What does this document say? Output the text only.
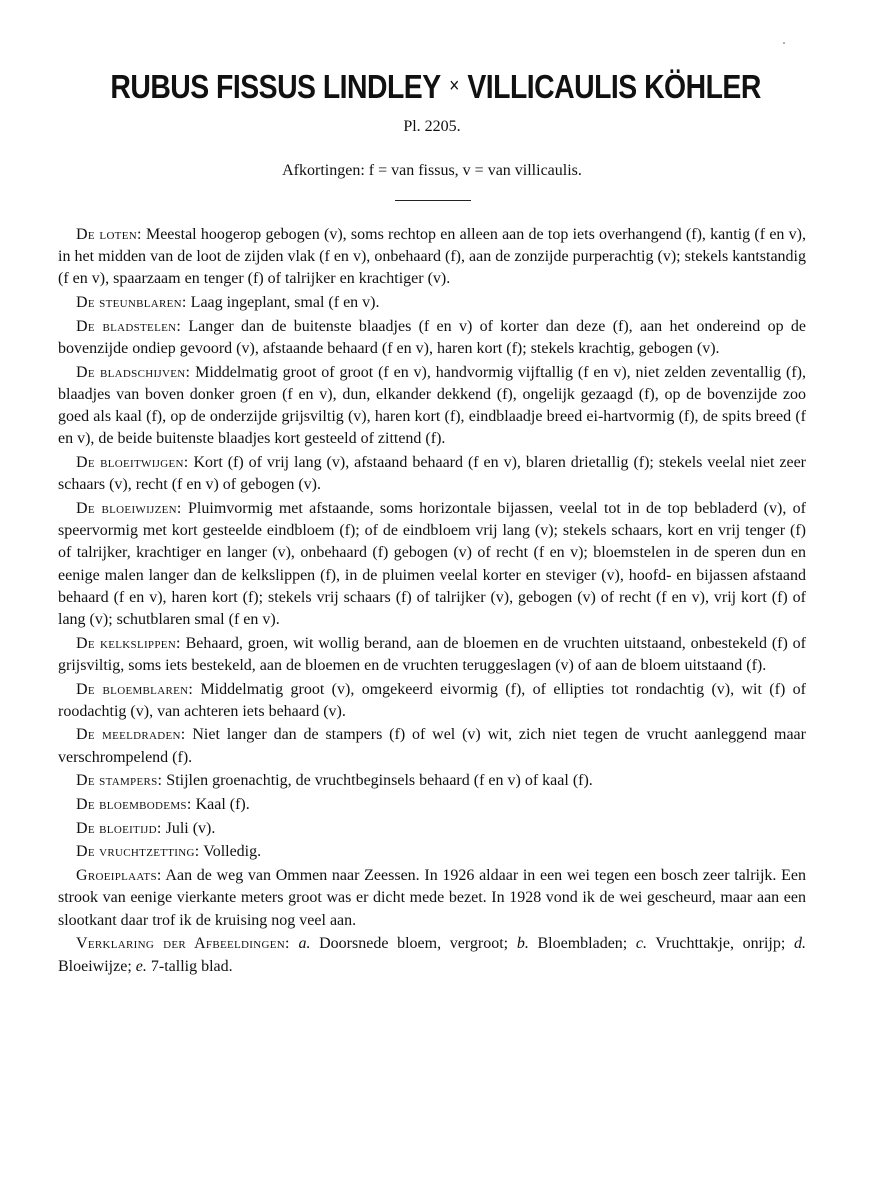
RUBUS FISSUS LINDLEY × VILLICAULIS KÖHLER
Pl. 2205.
Afkortingen: f = van fissus, v = van villicaulis.

De loten: Meestal hoogerop gebogen (v), soms rechtop en alleen aan de top iets overhangend (f), kantig (f en v), in het midden van de loot de zijden vlak (f en v), onbehaard (f), aan de zonzijde purperachtig (v); stekels kantstandig (f en v), spaarzaam en tenger (f) of talrijker en krachtiger (v).

De steunblaren: Laag ingeplant, smal (f en v).

De bladstelen: Langer dan de buitenste blaadjes (f en v) of korter dan deze (f), aan het ondereind op de bovenzijde ondiep gevoord (v), afstaande behaard (f en v), haren kort (f); stekels krachtig, gebogen (v).

De bladschijven: Middelmatig groot of groot (f en v), handvormig vijftallig (f en v), niet zelden zeventallig (f), blaadjes van boven donker groen (f en v), dun, elkander dekkend (f), ongelijk gezaagd (f), op de bovenzijde zoo goed als kaal (f), op de onderzijde grijsviltig (v), haren kort (f), eindblaadje breed ei-hartvormig (f), de spits breed (f en v), de beide buitenste blaadjes kort gesteeld of zittend (f).

De bloeitwijgen: Kort (f) of vrij lang (v), afstaand behaard (f en v), blaren drietallig (f); stekels veelal niet zeer schaars (v), recht (f en v) of gebogen (v).

De bloeiwijzen: Pluimvormig met afstaande, soms horizontale bijassen, veelal tot in de top bebladerd (v), of speervormig met kort gesteelde eindbloem (f); of de eindbloem vrij lang (v); stekels schaars, kort en vrij tenger (f) of talrijker, krachtiger en langer (v), onbehaard (f) gebogen (v) of recht (f en v); bloemstelen in de speren dun en eenige malen langer dan de kelkslippen (f), in de pluimen veelal korter en steviger (v), hoofd- en bijassen afstaand behaard (f en v), haren kort (f); stekels vrij schaars (f) of talrijker (v), gebogen (v) of recht (f en v), vrij kort (f) of lang (v); schutblaren smal (f en v).

De kelkslippen: Behaard, groen, wit wollig berand, aan de bloemen en de vruchten uitstaand, onbestekeld (f) of grijsviltig, soms iets bestekeld, aan de bloemen en de vruchten teruggeslagen (v) of aan de bloem uitstaand (f).

De bloemblaren: Middelmatig groot (v), omgekeerd eivormig (f), of ellipties tot rondachtig (v), wit (f) of roodachtig (v), van achteren iets behaard (v).

De meeldraden: Niet langer dan de stampers (f) of wel (v) wit, zich niet tegen de vrucht aanleggend maar verschrompelend (f).

De stampers: Stijlen groenachtig, de vruchtbeginsels behaard (f en v) of kaal (f).

De bloembodems: Kaal (f).

De bloeitijd: Juli (v).

De vruchtzetting: Volledig.

Groeiplaats: Aan de weg van Ommen naar Zeessen. In 1926 aldaar in een wei tegen een bosch zeer talrijk. Een strook van eenige vierkante meters groot was er dicht mede bezet. In 1928 vond ik de wei gescheurd, maar aan een slootkant daar trof ik de kruising nog veel aan.

Verklaring der Afbeeldingen: a. Doorsnede bloem, vergroot; b. Bloembladen; c. Vruchttakje, onrijp; d. Bloeiwijze; e. 7-tallig blad.
